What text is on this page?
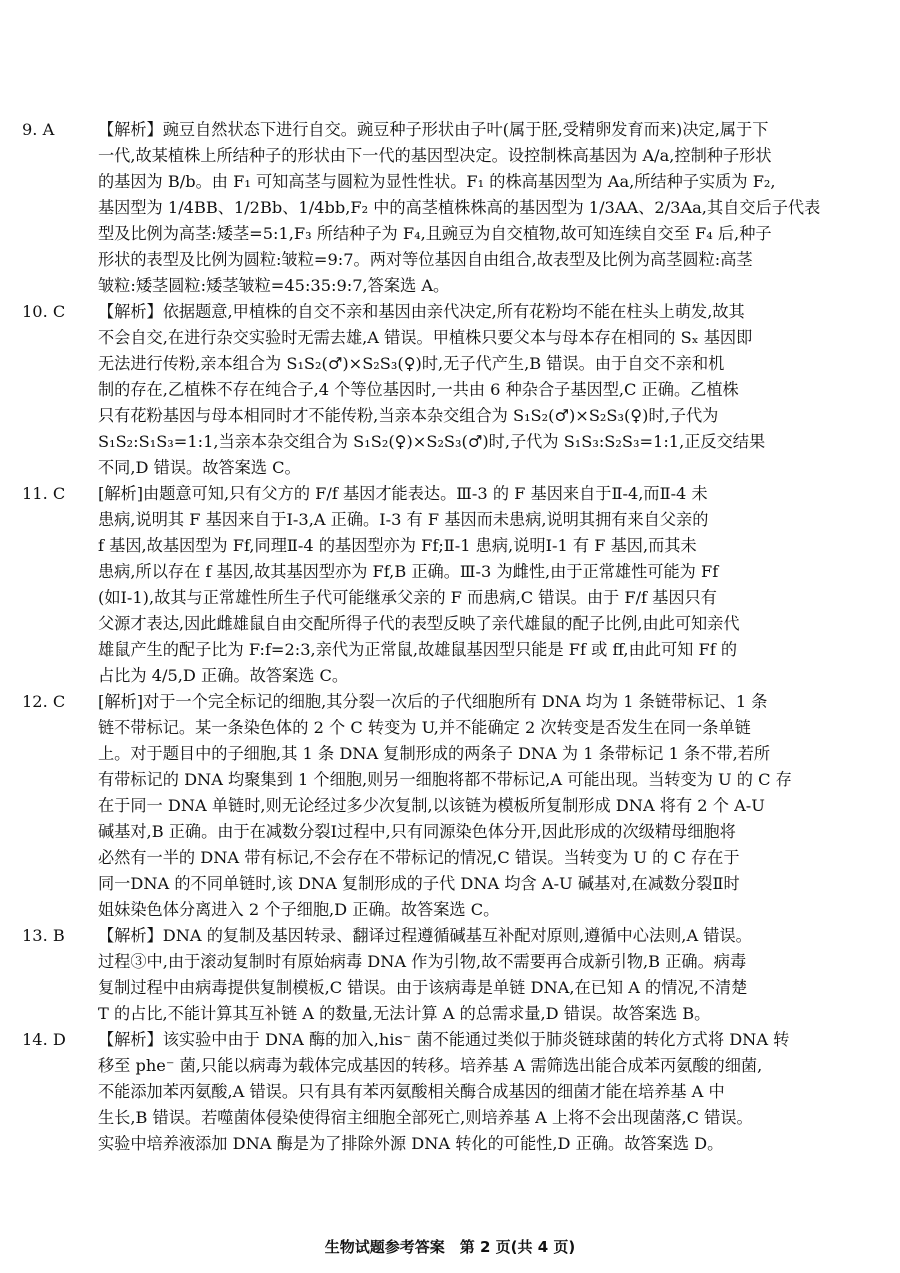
9. A	【解析】豌豆自然状态下进行自交。豌豆种子形状由子叶(属于胚,受精卵发育而来)决定,属于下
一代,故某植株上所结种子的形状由下一代的基因型决定。设控制株高基因为 A/a,控制种子形状
的基因为 B/b。由 F₁ 可知高茎与圆粒为显性性状。F₁ 的株高基因型为 Aa,所结种子实质为 F₂,
基因型为 1/4BB、1/2Bb、1/4bb,F₂ 中的高茎植株株高的基因型为 1/3AA、2/3Aa,其自交后子代表
型及比例为高茎:矮茎=5:1,F₃ 所结种子为 F₄,且豌豆为自交植物,故可知连续自交至 F₄ 后,种子
形状的表型及比例为圆粒:皱粒=9:7。两对等位基因自由组合,故表型及比例为高茎圆粒:高茎
皱粒:矮茎圆粒:矮茎皱粒=45:35:9:7,答案选 A。
10. C	【解析】依据题意,甲植株的自交不亲和基因由亲代决定,所有花粉均不能在柱头上萌发,故其
不会自交,在进行杂交实验时无需去雄,A 错误。甲植株只要父本与母本存在相同的 Sₓ 基因即
无法进行传粉,亲本组合为 S₁S₂(♂)×S₂S₃(♀)时,无子代产生,B 错误。由于自交不亲和机
制的存在,乙植株不存在纯合子,4 个等位基因时,一共由 6 种杂合子基因型,C 正确。乙植株
只有花粉基因与母本相同时才不能传粉,当亲本杂交组合为 S₁S₂(♂)×S₂S₃(♀)时,子代为
S₁S₂:S₁S₃=1:1,当亲本杂交组合为 S₁S₂(♀)×S₂S₃(♂)时,子代为 S₁S₃:S₂S₃=1:1,正反交结果
不同,D 错误。故答案选 C。
11. C	[解析]由题意可知,只有父方的 F/f 基因才能表达。Ⅲ-3 的 F 基因来自于Ⅱ-4,而Ⅱ-4 未
患病,说明其 F 基因来自于Ⅰ-3,A 正确。Ⅰ-3 有 F 基因而未患病,说明其拥有来自父亲的
f 基因,故基因型为 Ff,同理Ⅱ-4 的基因型亦为 Ff;Ⅱ-1 患病,说明Ⅰ-1 有 F 基因,而其未
患病,所以存在 f 基因,故其基因型亦为 Ff,B 正确。Ⅲ-3 为雌性,由于正常雄性可能为 Ff
(如Ⅰ-1),故其与正常雄性所生子代可能继承父亲的 F 而患病,C 错误。由于 F/f 基因只有
父源才表达,因此雌雄鼠自由交配所得子代的表型反映了亲代雄鼠的配子比例,由此可知亲代
雄鼠产生的配子比为 F:f=2:3,亲代为正常鼠,故雄鼠基因型只能是 Ff 或 ff,由此可知 Ff 的
占比为 4/5,D 正确。故答案选 C。
12. C	[解析]对于一个完全标记的细胞,其分裂一次后的子代细胞所有 DNA 均为 1 条链带标记、1 条
链不带标记。某一条染色体的 2 个 C 转变为 U,并不能确定 2 次转变是否发生在同一条单链
上。对于题目中的子细胞,其 1 条 DNA 复制形成的两条子 DNA 为 1 条带标记 1 条不带,若所
有带标记的 DNA 均聚集到 1 个细胞,则另一细胞将都不带标记,A 可能出现。当转变为 U 的 C 存
在于同一 DNA 单链时,则无论经过多少次复制,以该链为模板所复制形成 DNA 将有 2 个 A-U
碱基对,B 正确。由于在减数分裂Ⅰ过程中,只有同源染色体分开,因此形成的次级精母细胞将
必然有一半的 DNA 带有标记,不会存在不带标记的情况,C 错误。当转变为 U 的 C 存在于
同一DNA 的不同单链时,该 DNA 复制形成的子代 DNA 均含 A-U 碱基对,在减数分裂Ⅱ时
姐妹染色体分离进入 2 个子细胞,D 正确。故答案选 C。
13. B	【解析】DNA 的复制及基因转录、翻译过程遵循碱基互补配对原则,遵循中心法则,A 错误。
过程③中,由于滚动复制时有原始病毒 DNA 作为引物,故不需要再合成新引物,B 正确。病毒
复制过程中由病毒提供复制模板,C 错误。由于该病毒是单链 DNA,在已知 A 的情况,不清楚
T 的占比,不能计算其互补链 A 的数量,无法计算 A 的总需求量,D 错误。故答案选 B。
14. D	【解析】该实验中由于 DNA 酶的加入,his⁻ 菌不能通过类似于肺炎链球菌的转化方式将 DNA 转
移至 phe⁻ 菌,只能以病毒为载体完成基因的转移。培养基 A 需筛选出能合成苯丙氨酸的细菌,
不能添加苯丙氨酸,A 错误。只有具有苯丙氨酸相关酶合成基因的细菌才能在培养基 A 中
生长,B 错误。若噬菌体侵染使得宿主细胞全部死亡,则培养基 A 上将不会出现菌落,C 错误。
实验中培养液添加 DNA 酶是为了排除外源 DNA 转化的可能性,D 正确。故答案选 D。
生物试题参考答案　第 2 页(共 4 页)
